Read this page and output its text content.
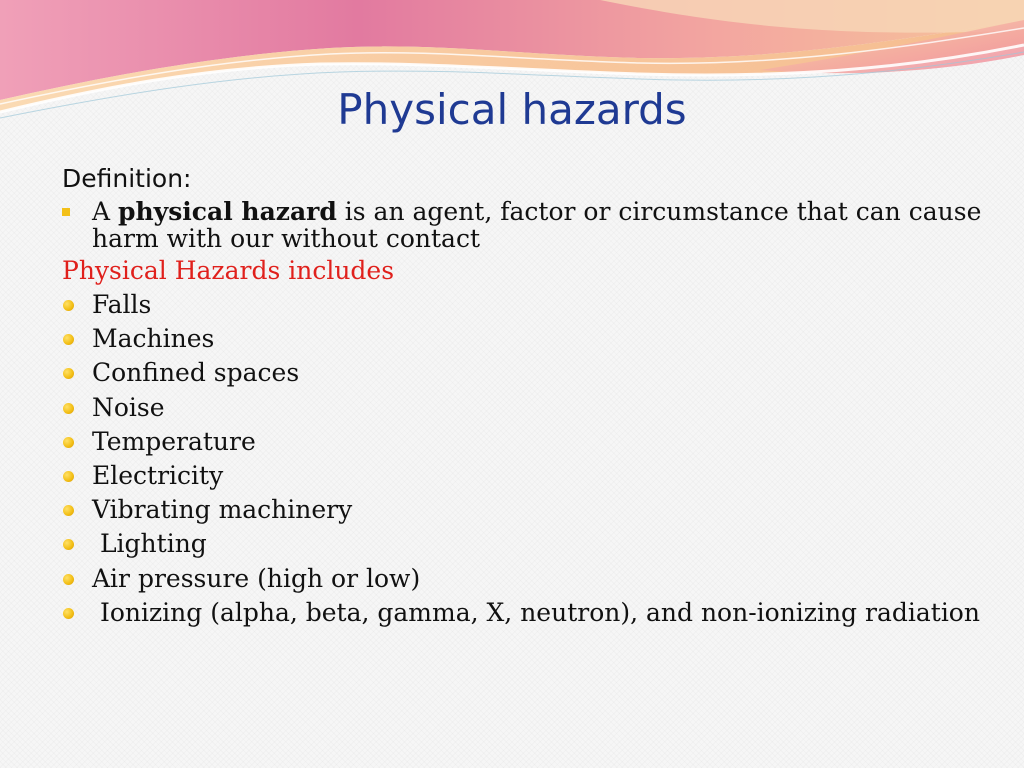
Physical hazards
Definition:
A physical hazard is an agent, factor or circumstance that can cause harm with our without contact
Physical Hazards includes
Falls
Machines
Confined spaces
Noise
Temperature
Electricity
Vibrating machinery
Lighting
Air pressure (high or low)
Ionizing (alpha, beta, gamma, X, neutron), and non-ionizing radiation
